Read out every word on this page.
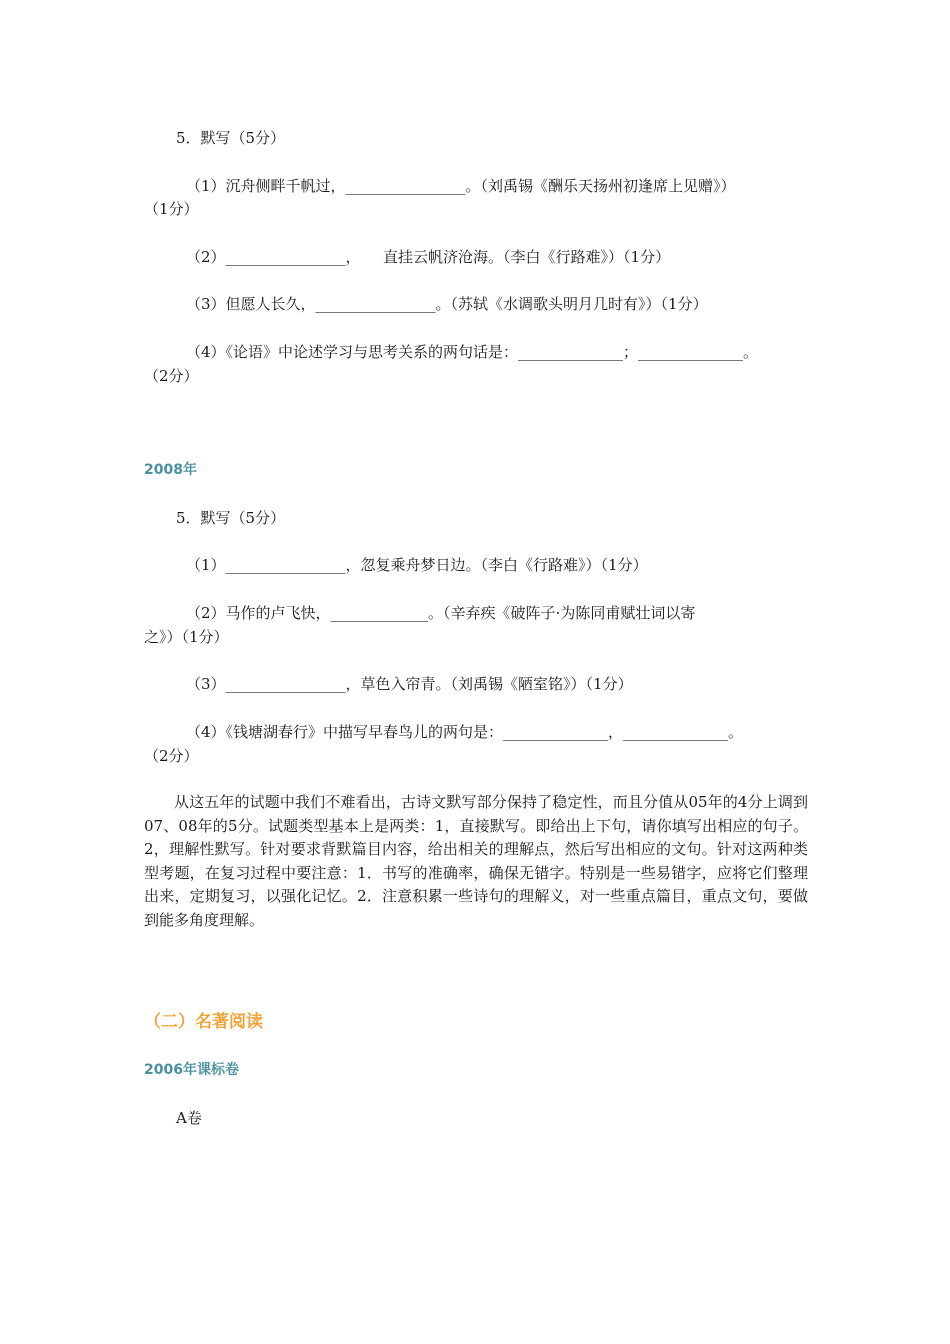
5．默写（5分）
（1）沉舟侧畔千帆过，________________。（刘禹锡《酬乐天扬州初逢席上见赠》）
（1分）
（2）________________，　　直挂云帆济沧海。（李白《行路难》）（1分）
（3）但愿人长久，________________。（苏轼《水调歌头明月几时有》）（1分）
（4）《论语》中论述学习与思考关系的两句话是：______________；______________。
（2分）
2008年
5．默写（5分）
（1）________________，忽复乘舟梦日边。（李白《行路难》）（1分）
（2）马作的卢飞快，_____________。（辛弃疾《破阵子·为陈同甫赋壮词以寄
之》）（1分）
（3）________________，草色入帘青。（刘禹锡《陋室铭》）（1分）
（4）《钱塘湖春行》中描写早春鸟儿的两句是：______________，______________。
（2分）
从这五年的试题中我们不难看出，古诗文默写部分保持了稳定性，而且分值从05年的4分上调到07、08年的5分。试题类型基本上是两类：1，直接默写。即给出上下句，请你填写出相应的句子。2，理解性默写。针对要求背默篇目内容，给出相关的理解点，然后写出相应的文句。针对这两种类型考题，在复习过程中要注意：1．书写的准确率，确保无错字。特别是一些易错字，应将它们整理出来，定期复习，以强化记忆。2．注意积累一些诗句的理解义，对一些重点篇目，重点文句，要做到能多角度理解。
（二）名著阅读
2006年课标卷
A卷
